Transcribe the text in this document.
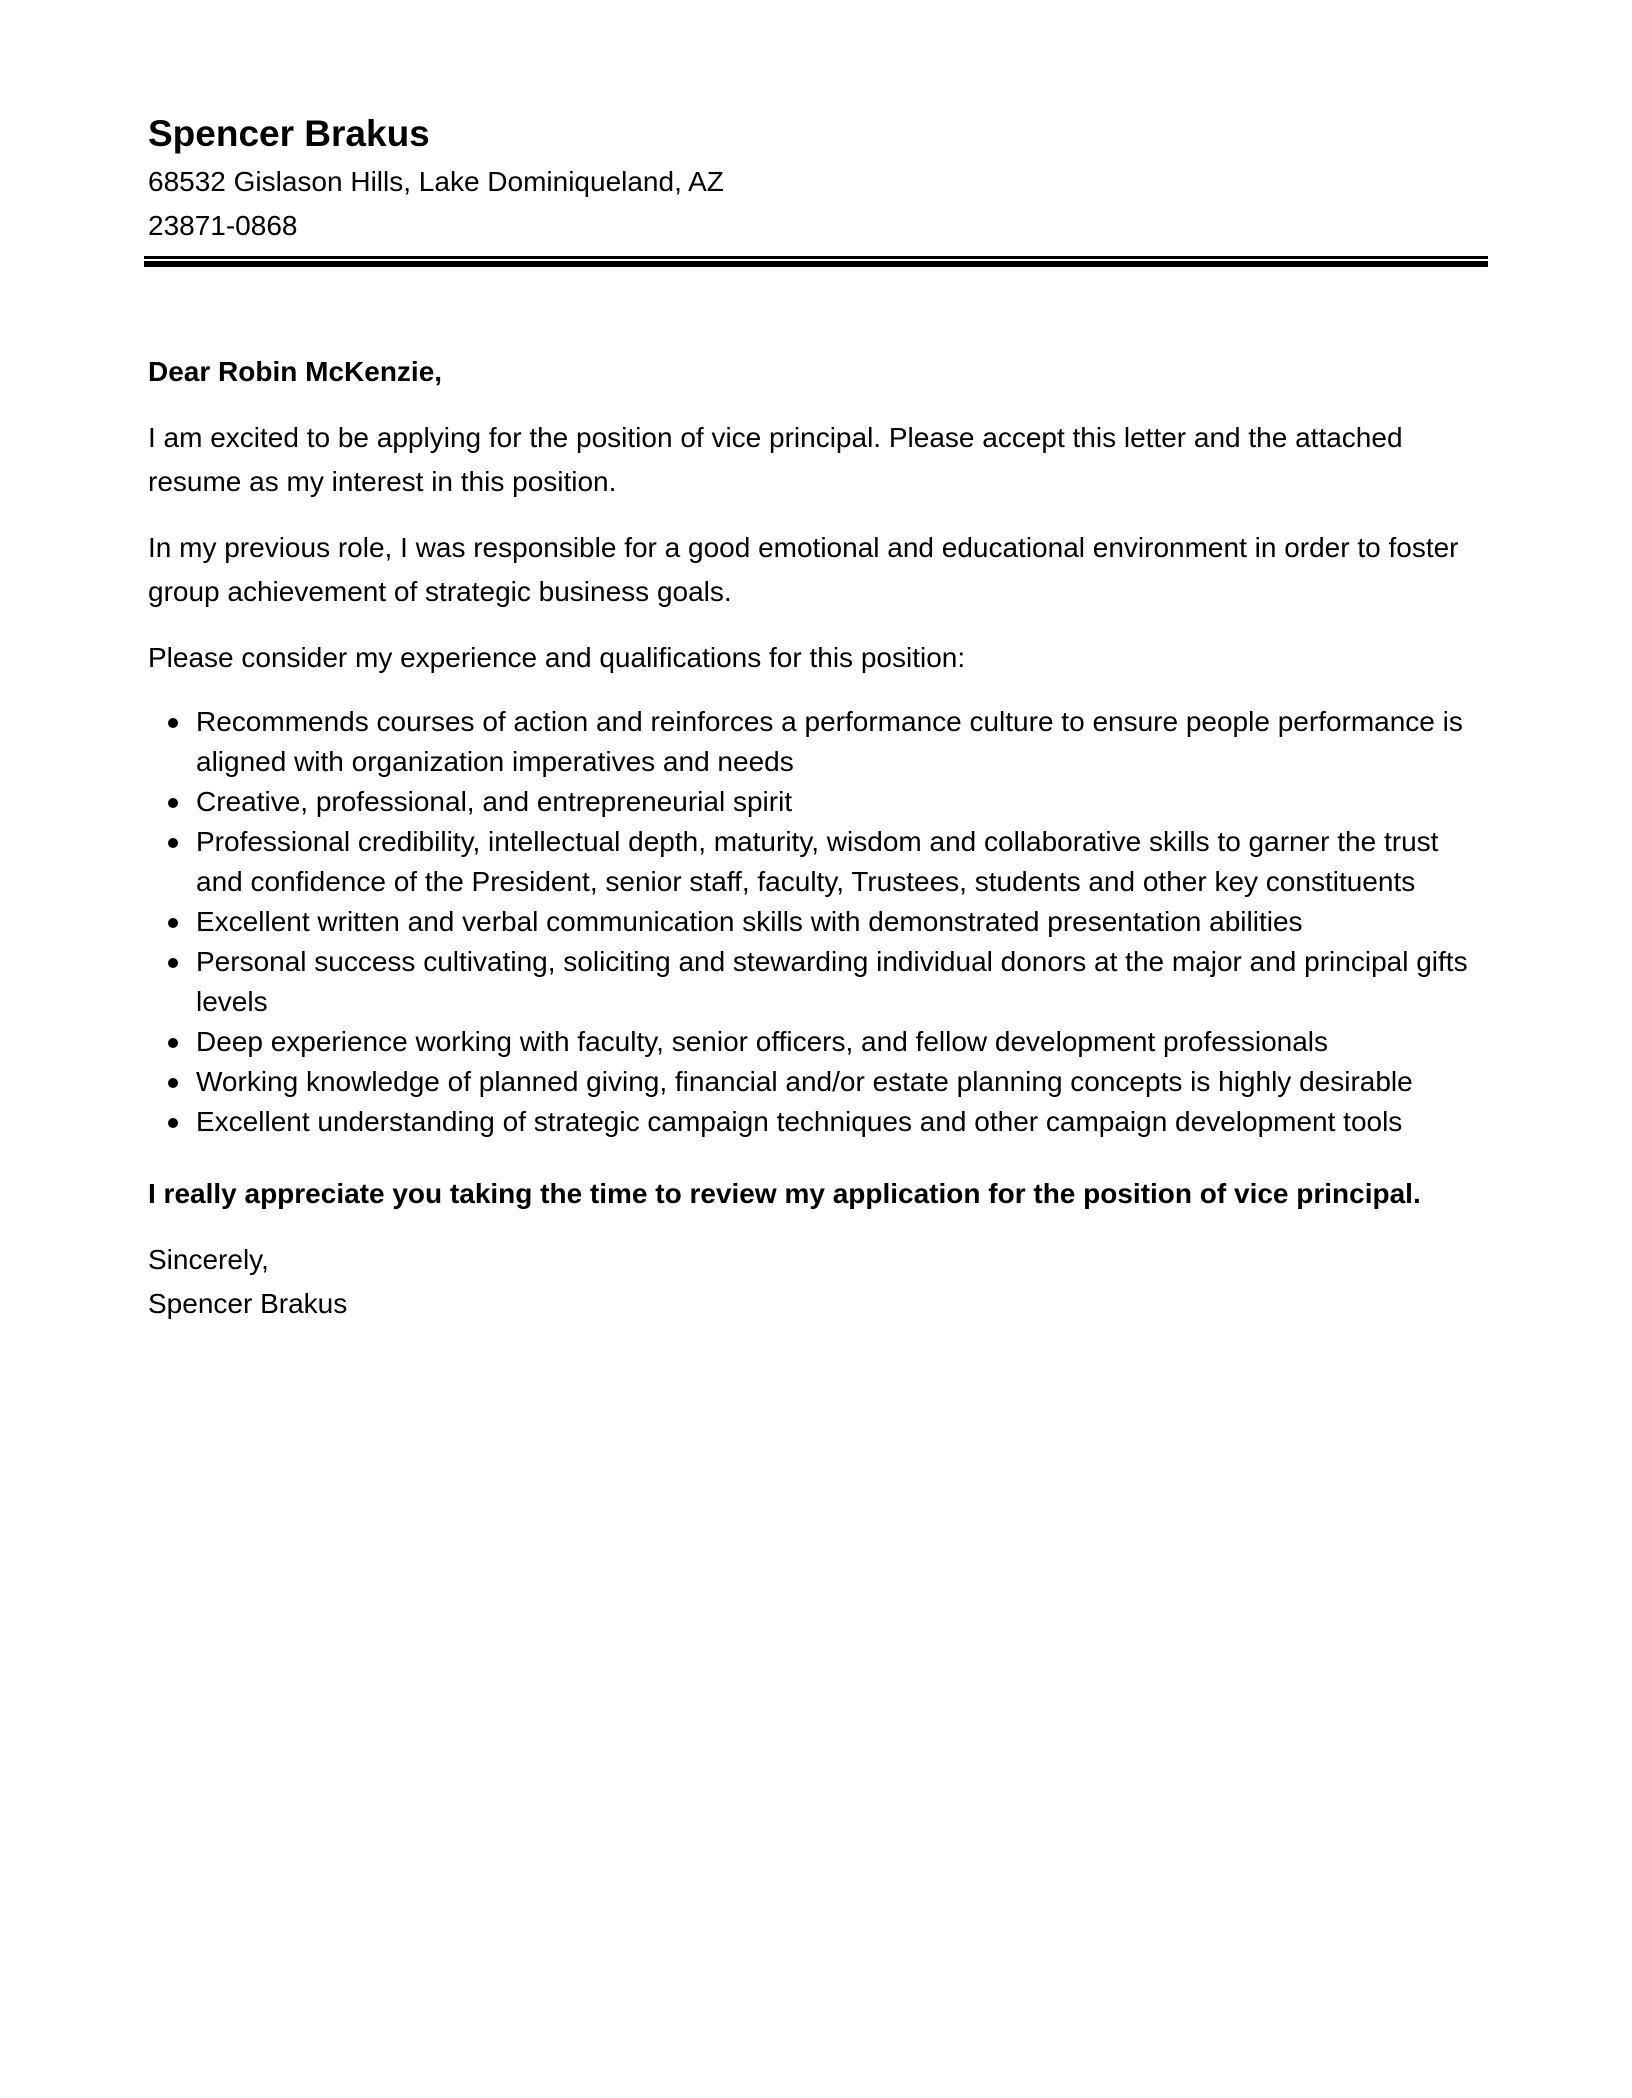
Spencer Brakus

68532 Gislason Hills, Lake Dominiqueland, AZ

23871-0868

Dear Robin McKenzie,

I am excited to be applying for the position of vice principal. Please accept this letter and the attached resume as my interest in this position.

In my previous role, I was responsible for a good emotional and educational environment in order to foster group achievement of strategic business goals.

Please consider my experience and qualifications for this position:

Recommends courses of action and reinforces a performance culture to ensure people performance is aligned with organization imperatives and needs
Creative, professional, and entrepreneurial spirit
Professional credibility, intellectual depth, maturity, wisdom and collaborative skills to garner the trust and confidence of the President, senior staff, faculty, Trustees, students and other key constituents
Excellent written and verbal communication skills with demonstrated presentation abilities
Personal success cultivating, soliciting and stewarding individual donors at the major and principal gifts levels
Deep experience working with faculty, senior officers, and fellow development professionals
Working knowledge of planned giving, financial and/or estate planning concepts is highly desirable
Excellent understanding of strategic campaign techniques and other campaign development tools

I really appreciate you taking the time to review my application for the position of vice principal.

Sincerely,

Spencer Brakus
